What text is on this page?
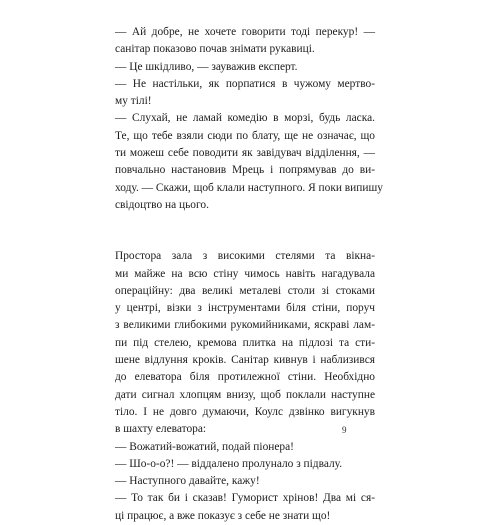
— Ай добре, не хочете говорити тоді перекур! —
санітар показово почав знімати рукавиці.

— Це шкідливо, — зауважив експерт.

— Не настільки, як порпатися в чужому мертво-
му тілі!

— Слухай, не ламай комедію в морзі, будь ласка.
Те, що тебе взяли сюди по блату, ще не означає, що
ти можеш себе поводити як завідувач відділення, —
повчально настановив Мрець і попрямував до ви-
ходу. — Скажи, щоб клали наступного. Я поки випишу
свідоцтво на цього.

Простора зала з високими стелями та вікна-
ми майже на всю стіну чимось навіть нагадувала
операційну: два великі металеві столи зі стоками
у центрі, візки з інструментами біля стіни, поруч
з великими глибокими рукомийниками, яскраві лам-
пи під стелею, кремова плитка на підлозі та сти-
шене відлуння кроків. Санітар кивнув і наблизився
до елеватора біля протилежної стіни. Необхідно
дати сигнал хлопцям внизу, щоб поклали наступне
тіло. І не довго думаючи, Коулс дзвінко вигукнув
в шахту елеватора:

— Вожатий-вожатий, подай піонера!

— Шо-о-о?! — віддалено пролунало з підвалу.

— Наступного давайте, кажу!

— То так би і сказав! Гуморист хрінов! Два мі ся-
ці працює, а вже показує з себе не знати що!

9
